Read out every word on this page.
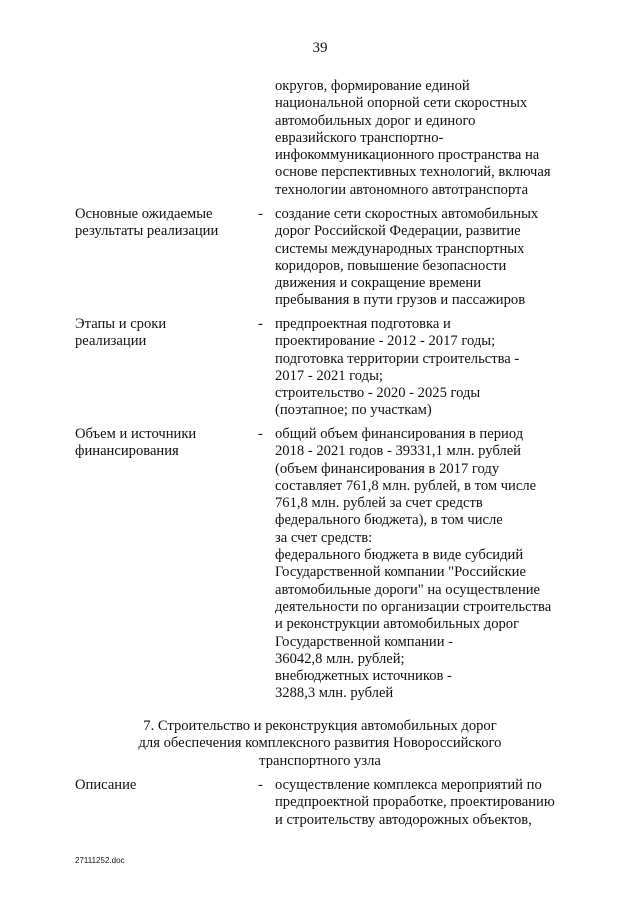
39
округов, формирование единой
национальной опорной сети скоростных
автомобильных дорог и единого
евразийского транспортно-
инфокоммуникационного пространства на
основе перспективных технологий, включая
технологии автономного автотранспорта
Основные ожидаемые
результаты реализации
- создание сети скоростных автомобильных
дорог Российской Федерации, развитие
системы международных транспортных
коридоров, повышение безопасности
движения и сокращение времени
пребывания в пути грузов и пассажиров
Этапы и сроки
реализации
- предпроектная подготовка и
проектирование - 2012 - 2017 годы;
подготовка территории строительства -
2017 - 2021 годы;
строительство - 2020 - 2025 годы
(поэтапное; по участкам)
Объем и источники
финансирования
- общий объем финансирования в период
2018 - 2021 годов - 39331,1 млн. рублей
(объем финансирования в 2017 году
составляет 761,8 млн. рублей, в том числе
761,8 млн. рублей за счет средств
федерального бюджета), в том числе
за счет средств:
федерального бюджета в виде субсидий
Государственной компании "Российские
автомобильные дороги" на осуществление
деятельности по организации строительства
и реконструкции автомобильных дорог
Государственной компании -
36042,8 млн. рублей;
внебюджетных источников -
3288,3 млн. рублей
7. Строительство и реконструкция автомобильных дорог
для обеспечения комплексного развития Новороссийского
транспортного узла
Описание	- осуществление комплекса мероприятий по
предпроектной проработке, проектированию
и строительству автодорожных объектов,
27111252.doc
